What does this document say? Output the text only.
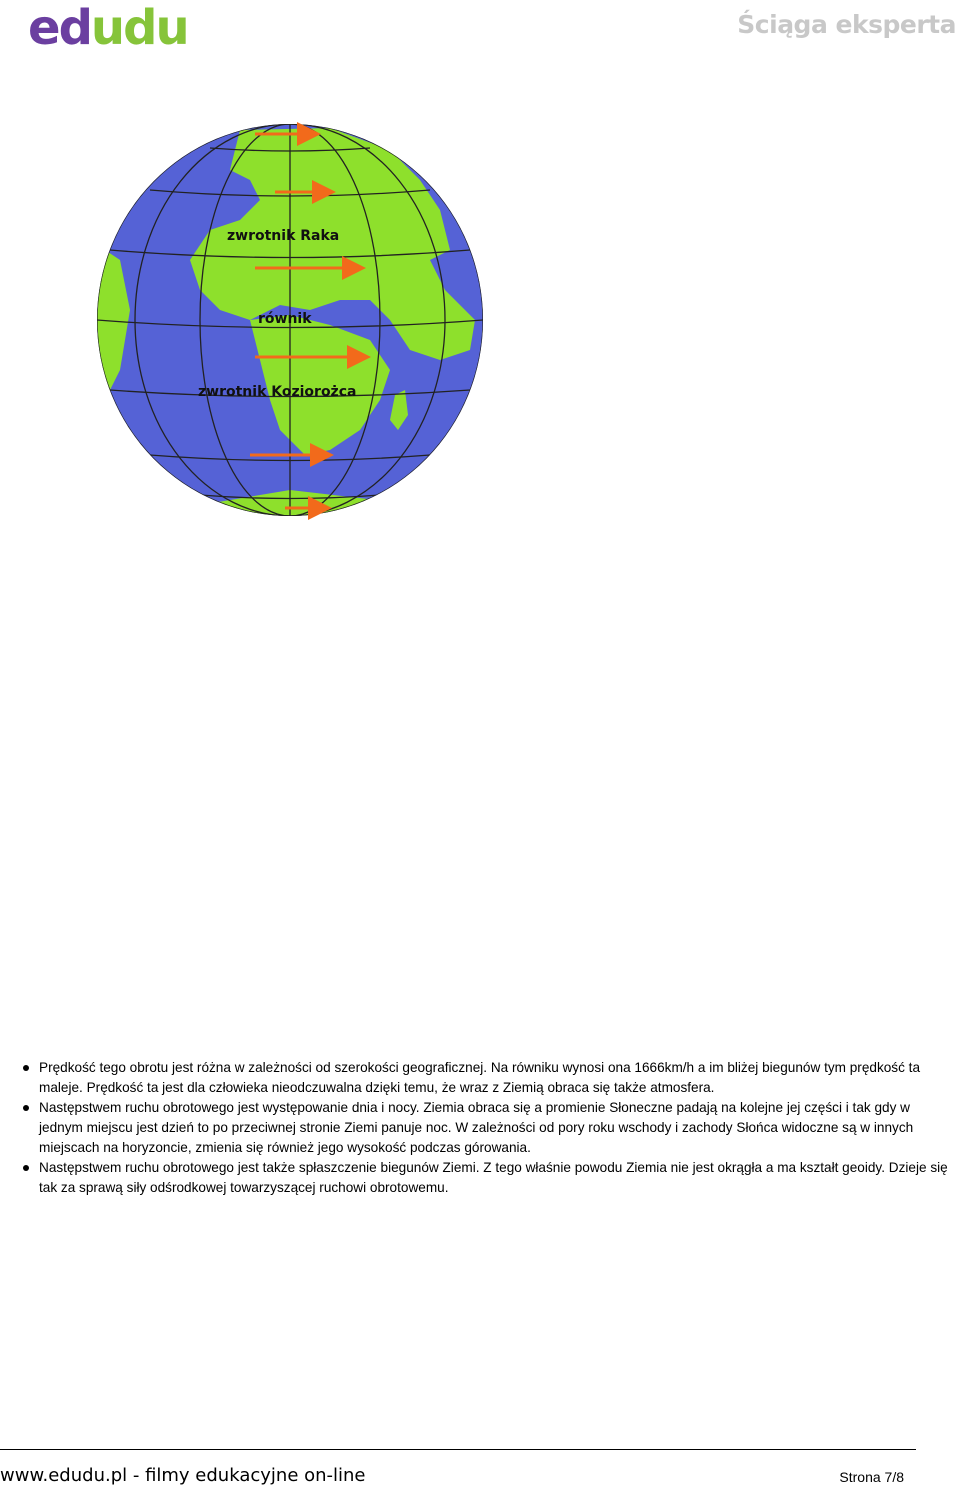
edudu	Ściąga eksperta
zwrotnik Raka
równik
zwrotnik Koziorożca
Prędkość tego obrotu jest różna w zależności od szerokości geograficznej. Na równiku wynosi ona 1666km/h a im bliżej biegunów tym prędkość ta maleje. Prędkość ta jest dla człowieka nieodczuwalna dzięki temu, że wraz z Ziemią obraca się także atmosfera.
Następstwem ruchu obrotowego jest występowanie dnia i nocy. Ziemia obraca się a promienie Słoneczne padają na kolejne jej części i tak gdy w jednym miejscu jest dzień to po przeciwnej stronie Ziemi panuje noc. W zależności od pory roku wschody i zachody Słońca widoczne są w innych miejscach na horyzoncie, zmienia się również jego wysokość podczas górowania.
Następstwem ruchu obrotowego jest także spłaszczenie biegunów Ziemi. Z tego właśnie powodu Ziemia nie jest okrągła a ma kształt geoidy. Dzieje się tak za sprawą siły odśrodkowej towarzyszącej ruchowi obrotowemu.
www.edudu.pl - filmy edukacyjne on-line	Strona 7/8
